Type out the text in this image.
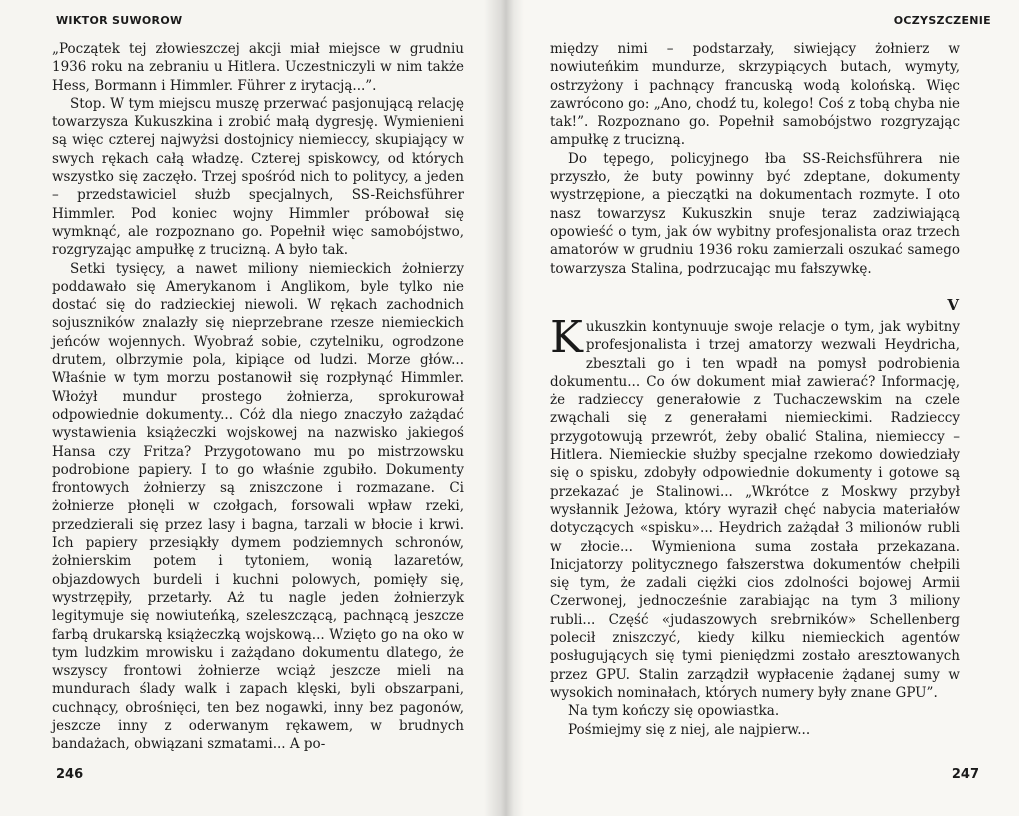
WIKTOR SUWOROW

„Początek tej złowieszczej akcji miał miejsce w grudniu 1936 roku na zebraniu u Hitlera. Uczestniczyli w nim także Hess, Bormann i Himmler. Führer z irytacją...”.

Stop. W tym miejscu muszę przerwać pasjonującą relację towarzysza Kukuszkina i zrobić małą dygresję. Wymienieni są więc czterej najwyżsi dostojnicy niemieccy, skupiający w swych rękach całą władzę. Czterej spiskowcy, od których wszystko się zaczęło. Trzej spośród nich to politycy, a jeden – przedstawiciel służb specjalnych, SS-Reichsführer Himmler. Pod koniec wojny Himmler próbował się wymknąć, ale rozpoznano go. Popełnił więc samobójstwo, rozgryzając ampułkę z trucizną. A było tak.

Setki tysięcy, a nawet miliony niemieckich żołnierzy poddawało się Amerykanom i Anglikom, byle tylko nie dostać się do radzieckiej niewoli. W rękach zachodnich sojuszników znalazły się nieprzebrane rzesze niemieckich jeńców wojennych. Wyobraź sobie, czytelniku, ogrodzone drutem, olbrzymie pola, kipiące od ludzi. Morze głów... Właśnie w tym morzu postanowił się rozpłynąć Himmler. Włożył mundur prostego żołnierza, sprokurował odpowiednie dokumenty... Cóż dla niego znaczyło zażądać wystawienia książeczki wojskowej na nazwisko jakiegoś Hansa czy Fritza? Przygotowano mu po mistrzowsku podrobione papiery. I to go właśnie zgubiło. Dokumenty frontowych żołnierzy są zniszczone i rozmazane. Ci żołnierze płonęli w czołgach, forsowali wpław rzeki, przedzierali się przez lasy i bagna, tarzali w błocie i krwi. Ich papiery przesiąkły dymem podziemnych schronów, żołnierskim potem i tytoniem, wonią lazaretów, objazdowych burdeli i kuchni polowych, pomięły się, wystrzępiły, przetarły. Aż tu nagle jeden żołnierzyk legitymuje się nowiuteńką, szeleszczącą, pachnącą jeszcze farbą drukarską książeczką wojskową... Wzięto go na oko w tym ludzkim mrowisku i zażądano dokumentu dlatego, że wszyscy frontowi żołnierze wciąż jeszcze mieli na mundurach ślady walk i zapach klęski, byli obszarpani, cuchnący, obrośnięci, ten bez nogawki, inny bez pagonów, jeszcze inny z oderwanym rękawem, w brudnych bandażach, obwiązani szmatami... A po-

246
OCZYSZCZENIE

między nimi – podstarzały, siwiejący żołnierz w nowiuteńkim mundurze, skrzypiących butach, wymyty, ostrzyżony i pachnący francuską wodą kolońską. Więc zawrócono go: „Ano, chodź tu, kolego! Coś z tobą chyba nie tak!”. Rozpoznano go. Popełnił samobójstwo rozgryzając ampułkę z trucizną.

Do tępego, policyjnego łba SS-Reichsführera nie przyszło, że buty powinny być zdeptane, dokumenty wystrzępione, a pieczątki na dokumentach rozmyte. I oto nasz towarzysz Kukuszkin snuje teraz zadziwiającą opowieść o tym, jak ów wybitny profesjonalista oraz trzech amatorów w grudniu 1936 roku zamierzali oszukać samego towarzysza Stalina, podrzucając mu fałszywkę.

V

Kukuszkin kontynuuje swoje relacje o tym, jak wybitny profesjonalista i trzej amatorzy wezwali Heydricha, zbesztali go i ten wpadł na pomysł podrobienia dokumentu... Co ów dokument miał zawierać? Informację, że radzieccy generałowie z Tuchaczewskim na czele zwąchali się z generałami niemieckimi. Radzieccy przygotowują przewrót, żeby obalić Stalina, niemieccy – Hitlera. Niemieckie służby specjalne rzekomo dowiedziały się o spisku, zdobyły odpowiednie dokumenty i gotowe są przekazać je Stalinowi... „Wkrótce z Moskwy przybył wysłannik Jeżowa, który wyraził chęć nabycia materiałów dotyczących «spisku»... Heydrich zażądał 3 milionów rubli w złocie... Wymieniona suma została przekazana. Inicjatorzy politycznego fałszerstwa dokumentów chełpili się tym, że zadali ciężki cios zdolności bojowej Armii Czerwonej, jednocześnie zarabiając na tym 3 miliony rubli... Część «judaszowych srebrników» Schellenberg polecił zniszczyć, kiedy kilku niemieckich agentów posługujących się tymi pieniędzmi zostało aresztowanych przez GPU. Stalin zarządził wypłacenie żądanej sumy w wysokich nominałach, których numery były znane GPU”.

Na tym kończy się opowiastka.

Pośmiejmy się z niej, ale najpierw...

247
